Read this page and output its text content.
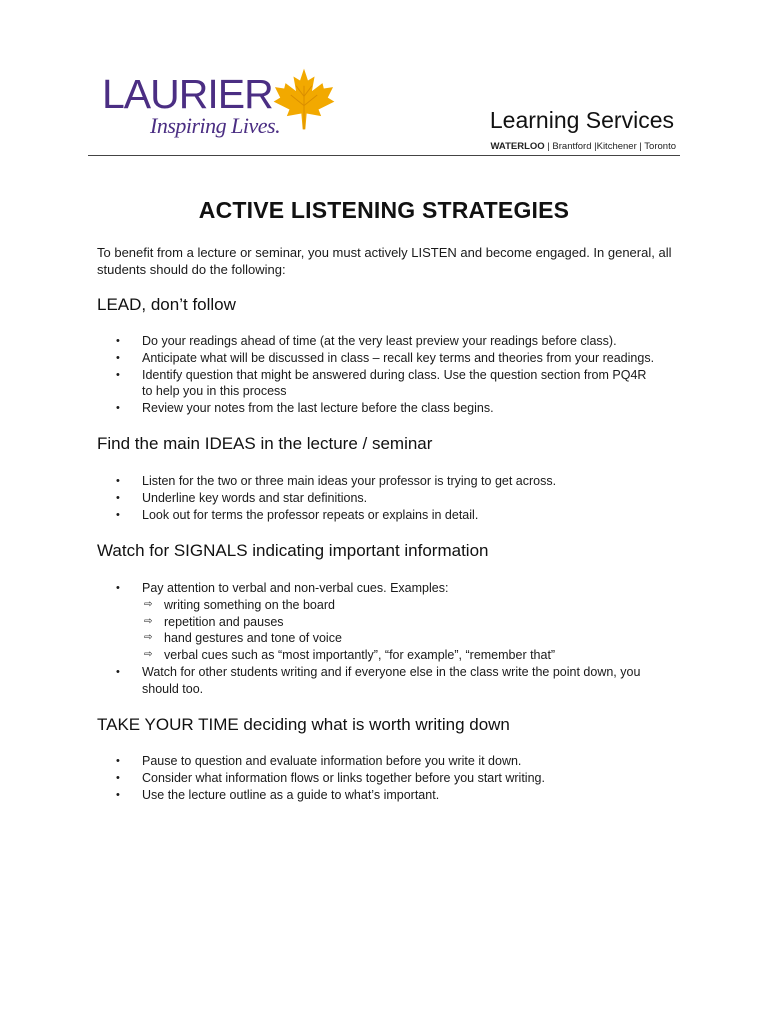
LAURIER
Inspiring Lives.	Learning Services
WATERLOO | Brantford |Kitchener | Toronto
ACTIVE LISTENING STRATEGIES
To benefit from a lecture or seminar, you must actively LISTEN and become engaged. In general, all students should do the following:
LEAD, don’t follow
• Do your readings ahead of time (at the very least preview your readings before class).
• Anticipate what will be discussed in class – recall key terms and theories from your readings.
• Identify question that might be answered during class. Use the question section from PQ4R to help you in this process
• Review your notes from the last lecture before the class begins.
Find the main IDEAS in the lecture / seminar
• Listen for the two or three main ideas your professor is trying to get across.
• Underline key words and star definitions.
• Look out for terms the professor repeats or explains in detail.
Watch for SIGNALS indicating important information
• Pay attention to verbal and non-verbal cues. Examples:
⇨ writing something on the board
⇨ repetition and pauses
⇨ hand gestures and tone of voice
⇨ verbal cues such as “most importantly”, “for example”, “remember that”
• Watch for other students writing and if everyone else in the class write the point down, you should too.
TAKE YOUR TIME deciding what is worth writing down
• Pause to question and evaluate information before you write it down.
• Consider what information flows or links together before you start writing.
• Use the lecture outline as a guide to what’s important.
